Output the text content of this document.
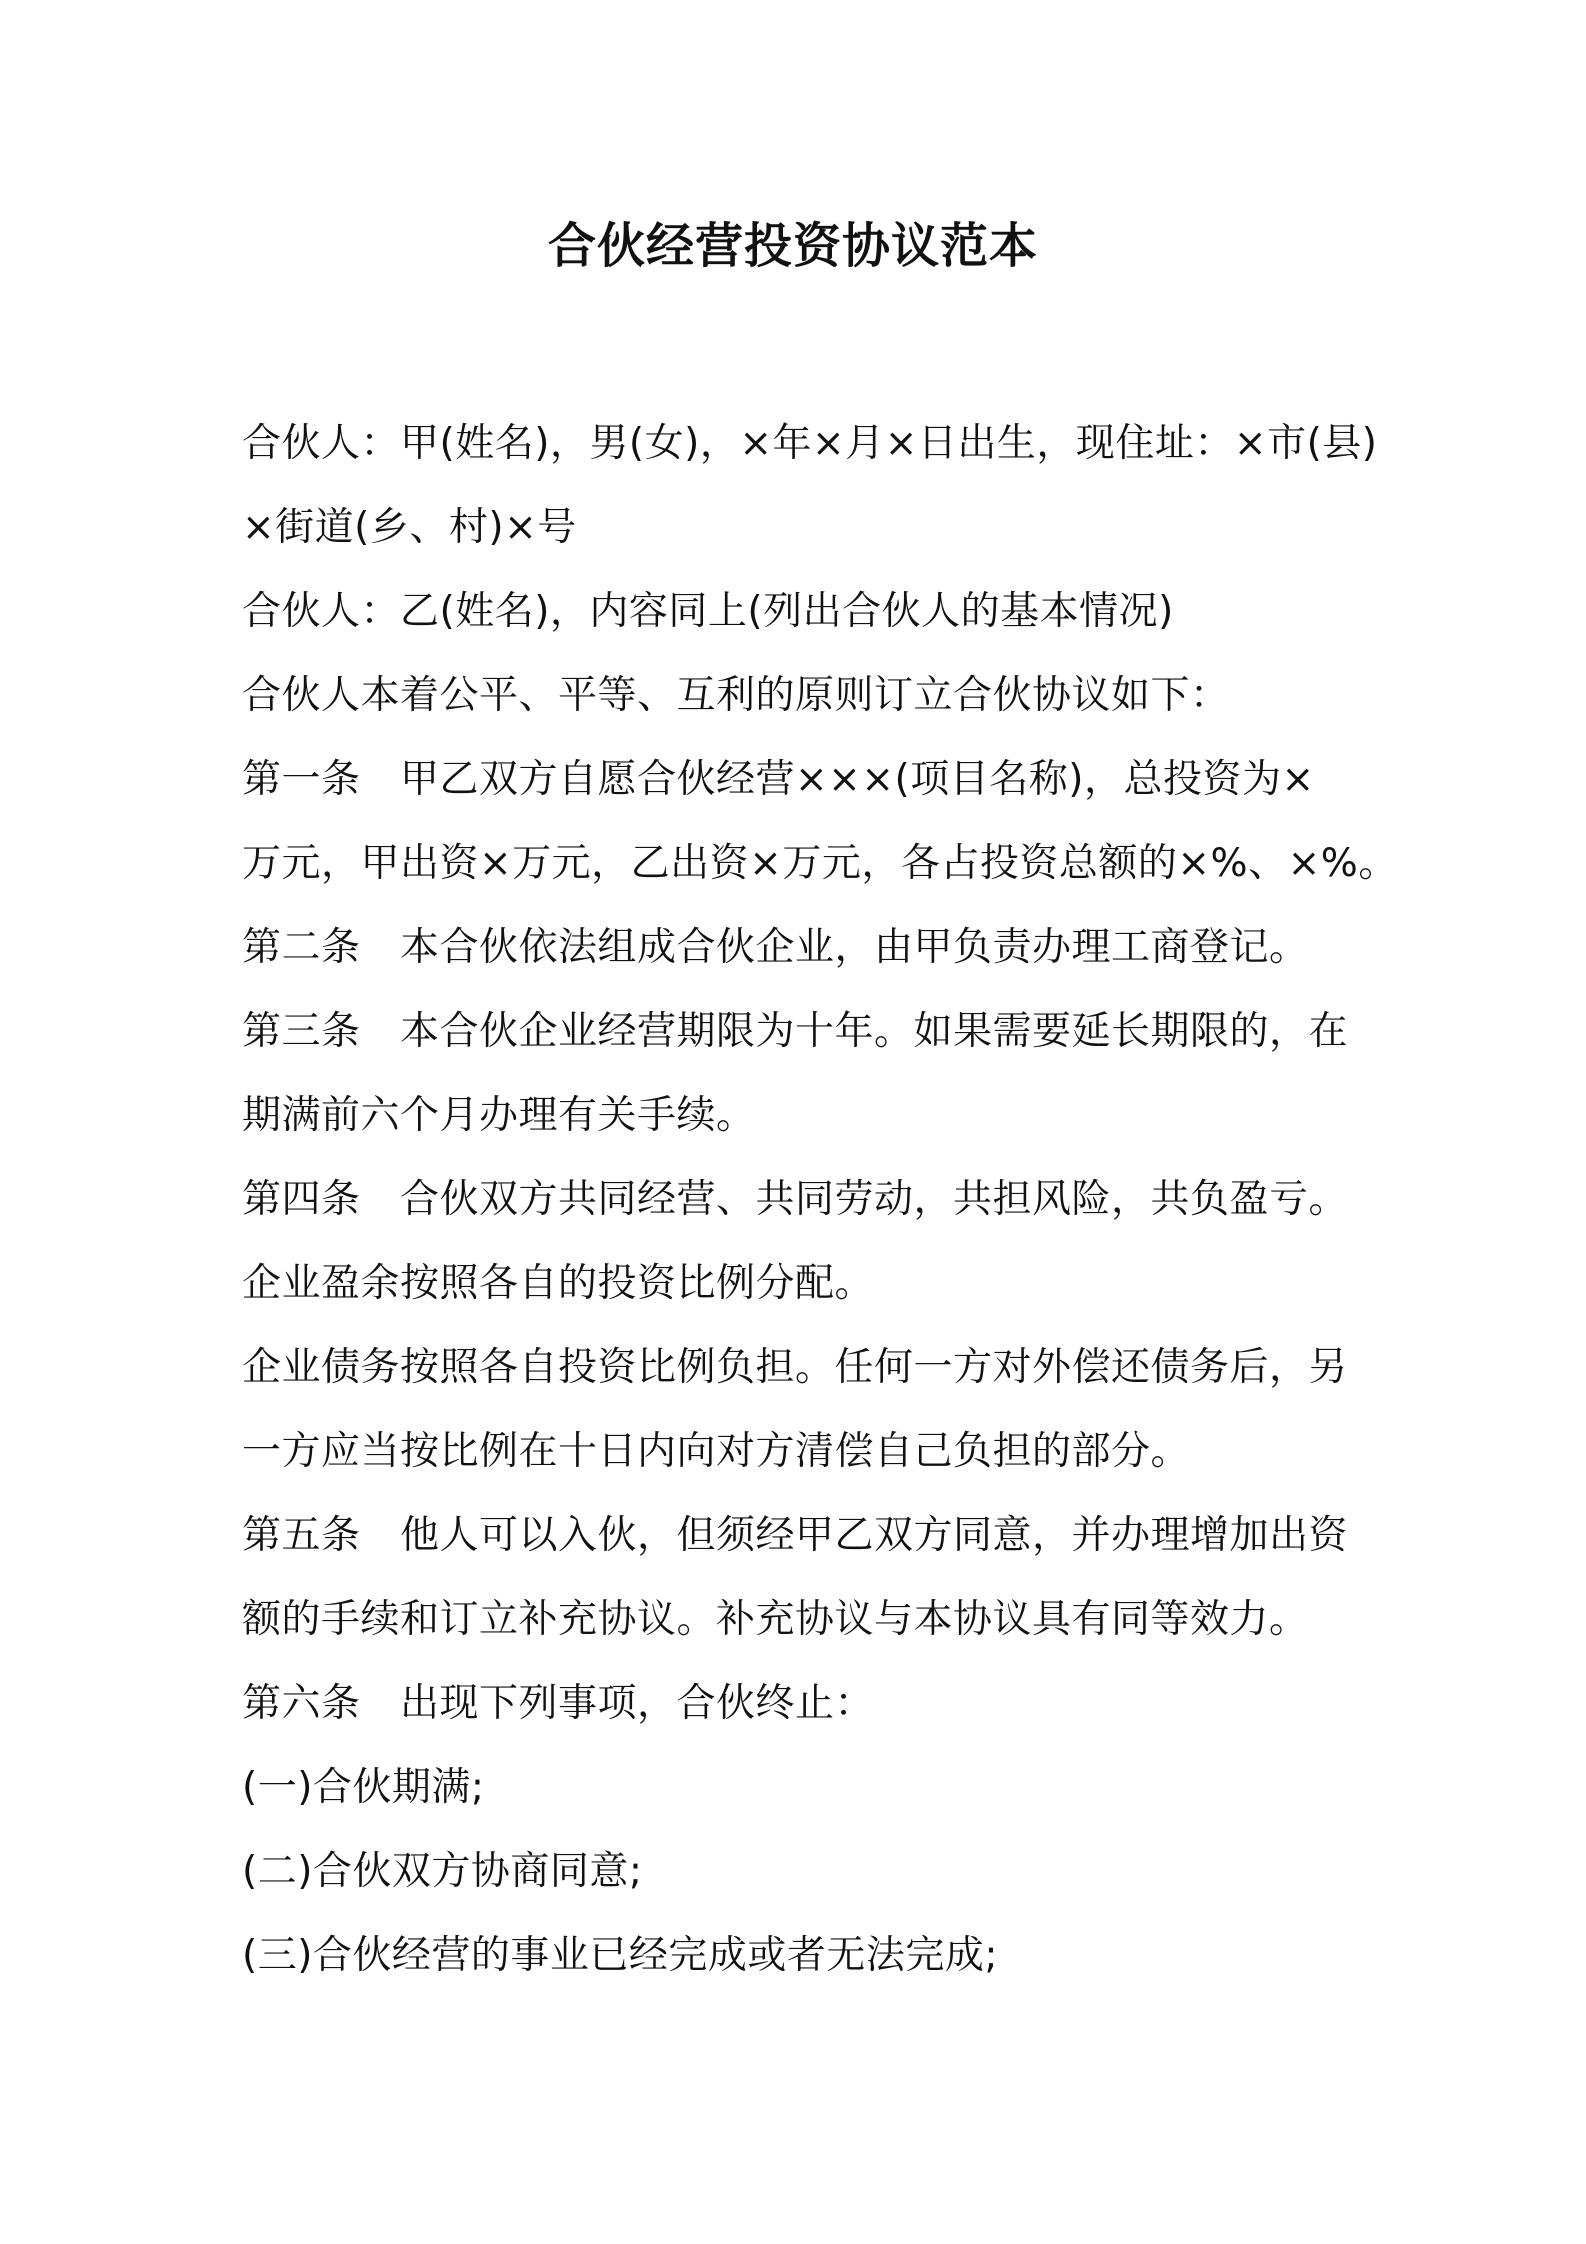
合伙经营投资协议范本
合伙人：甲(姓名)，男(女)，×年×月×日出生，现住址：×市(县)
×街道(乡、村)×号
合伙人：乙(姓名)，内容同上(列出合伙人的基本情况)
合伙人本着公平、平等、互利的原则订立合伙协议如下：
第一条　甲乙双方自愿合伙经营×××(项目名称)，总投资为×
万元，甲出资×万元，乙出资×万元，各占投资总额的×%、×%。
第二条　本合伙依法组成合伙企业，由甲负责办理工商登记。
第三条　本合伙企业经营期限为十年。如果需要延长期限的，在
期满前六个月办理有关手续。
第四条　合伙双方共同经营、共同劳动，共担风险，共负盈亏。
企业盈余按照各自的投资比例分配。
企业债务按照各自投资比例负担。任何一方对外偿还债务后，另
一方应当按比例在十日内向对方清偿自己负担的部分。
第五条　他人可以入伙，但须经甲乙双方同意，并办理增加出资
额的手续和订立补充协议。补充协议与本协议具有同等效力。
第六条　出现下列事项，合伙终止：
(一)合伙期满;
(二)合伙双方协商同意;
(三)合伙经营的事业已经完成或者无法完成;
